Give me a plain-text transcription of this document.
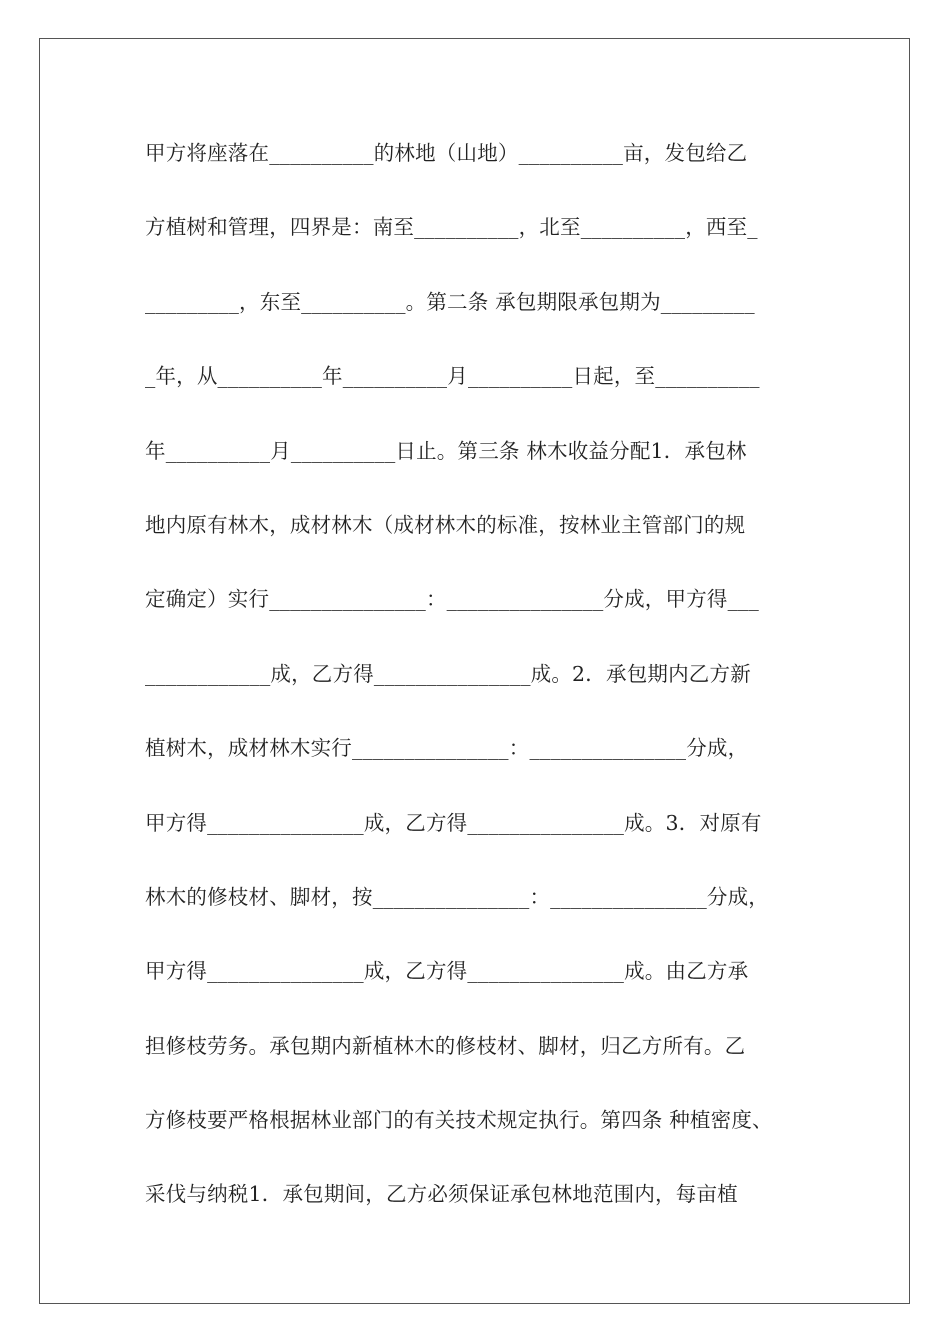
甲方将座落在__________的林地（山地）__________亩，发包给乙
方植树和管理，四界是：南至__________，北至__________，西至_
_________，东至__________。第二条 承包期限承包期为_________
_年，从__________年__________月__________日起，至__________
年__________月__________日止。第三条 林木收益分配1．承包林
地内原有林木，成材林木（成材林木的标准，按林业主管部门的规
定确定）实行_______________：_______________分成，甲方得___
____________成，乙方得_______________成。2．承包期内乙方新
植树木，成材林木实行_______________：_______________分成，
甲方得_______________成，乙方得_______________成。3．对原有
林木的修枝材、脚材，按_______________：_______________分成，
甲方得_______________成，乙方得_______________成。由乙方承
担修枝劳务。承包期内新植林木的修枝材、脚材，归乙方所有。乙
方修枝要严格根据林业部门的有关技术规定执行。第四条 种植密度、
采伐与纳税1．承包期间，乙方必须保证承包林地范围内，每亩植
